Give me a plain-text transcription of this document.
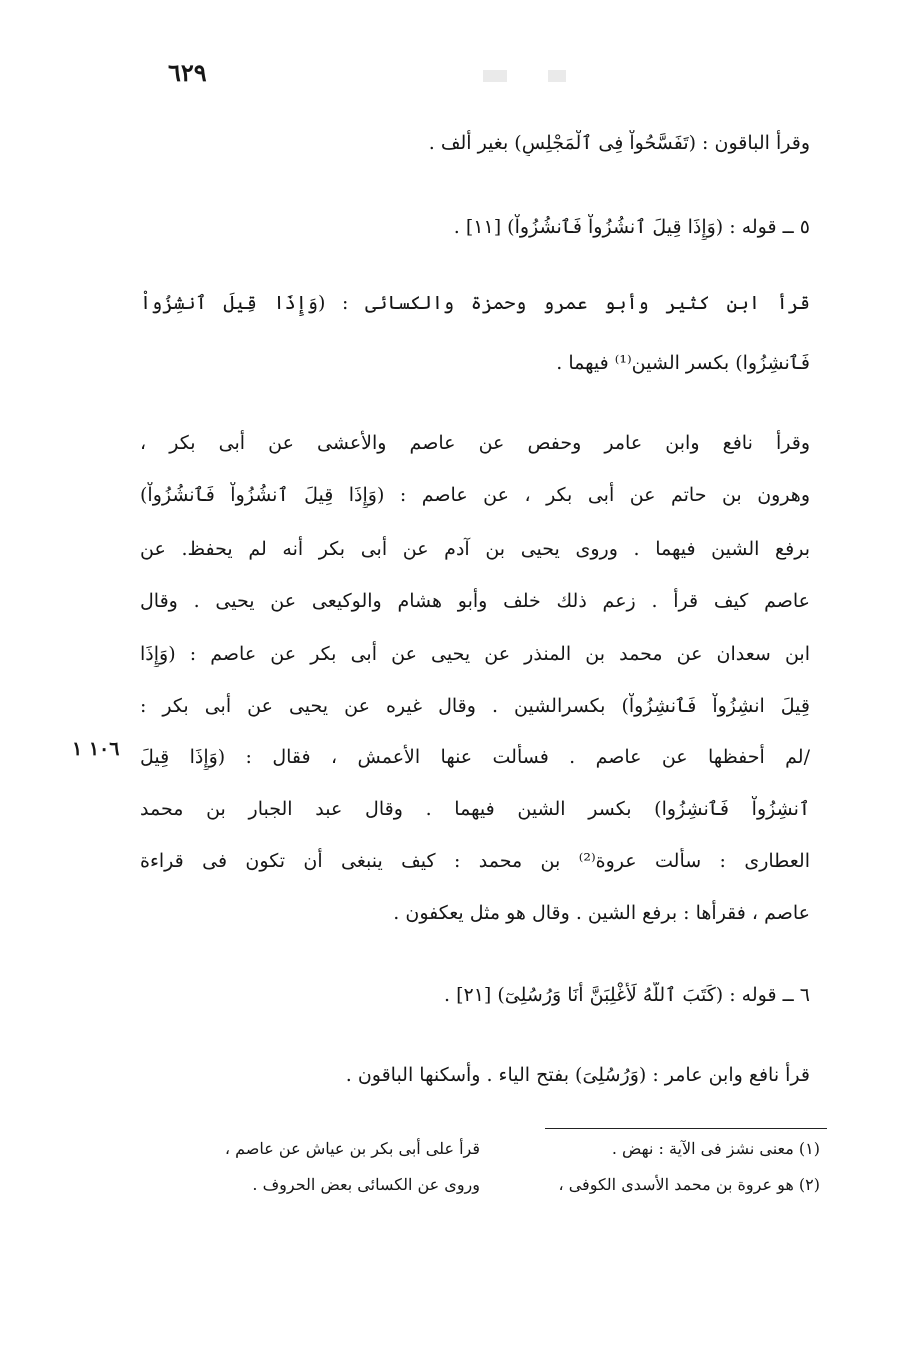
٦٢٩
وقرأ الباقون : (تَفَسَّحُواْ فِى ٱلْمَجْلِسِ) بغير ألف .
٥ ــ قوله : (وَإِذَا قِيلَ ٱنشُزُواْ فَٱنشُزُواْ) [١١] .
قرأ ابن كثير وأبو عمرو وحمزة والكسائى : (وَإِذَا قِيلَ ٱنشِزُواْ
فَٱنشِزُوا) بكسر الشين⁽¹⁾ فيهما .
وقرأ نافع وابن عامر وحفص عن عاصم والأعشى عن أبى بكر ،
وهرون بن حاتم عن أبى بكر ، عن عاصم : (وَإِذَا قِيلَ ٱنشُزُواْ فَٱنشُزُواْ)
برفع الشين فيهما . وروى يحيى بن آدم عن أبى بكر أنه لم يحفظ. عن
عاصم كيف قرأ . زعم ذلك خلف وأبو هشام والوكيعى عن يحيى . وقال
ابن سعدان عن محمد بن المنذر عن يحيى عن أبى بكر عن عاصم : (وَإِذَا
قِيلَ انشِزُواْ فَٱنشِزُواْ) بكسرالشين . وقال غيره عن يحيى عن أبى بكر :
/لم أحفظها عن عاصم . فسألت عنها الأعمش ، فقال : (وَإِذَا قِيلَ
١٠٦ ١
ٱنشِزُواْ فَٱنشِزُوا) بكسر الشين فيهما . وقال عبد الجبار بن محمد
العطارى : سألت عروة⁽²⁾ بن محمد : كيف ينبغى أن تكون فى قراءة
عاصم ، فقرأها : برفع الشين . وقال هو مثل يعكفون .
٦ ــ قوله : (كَتَبَ ٱللَّهُ لَأَغْلِبَنَّ أَنَا وَرُسُلِىٓ) [٢١] .
قرأ نافع وابن عامر : (وَرُسُلِىَ) بفتح الياء . وأسكنها الباقون .
(١) معنى نشز فى الآية : نهض .
قرأ على أبى بكر بن عياش عن عاصم ،
(٢) هو عروة بن محمد الأسدى الكوفى ،
وروى عن الكسائى بعض الحروف .
